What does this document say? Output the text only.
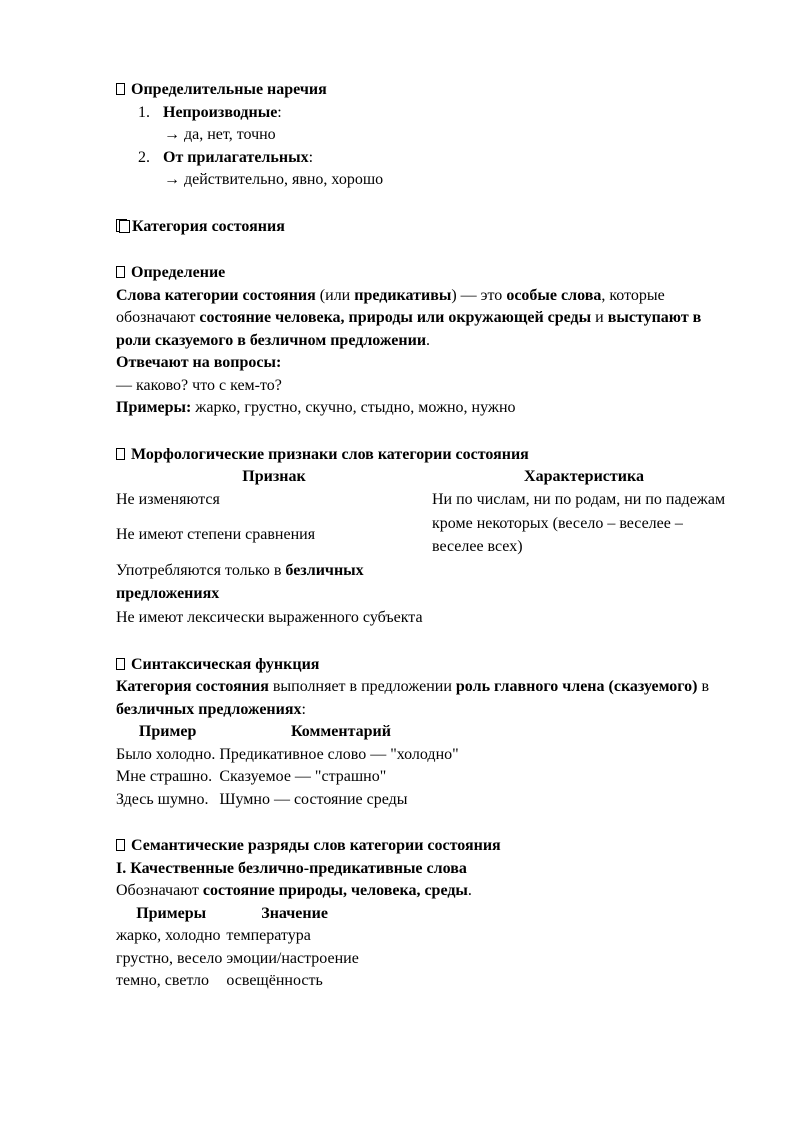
Определительные наречия

1. Непроизводные:
→ да, нет, точно
2. От прилагательных:
→ действительно, явно, хорошо

Категория состояния

Определение

Слова категории состояния (или предикативы) — это особые слова, которые обозначают состояние человека, природы или окружающей среды и выступают в роли сказуемого в безличном предложении.

Отвечают на вопросы:

— каково? что с кем-то?

Примеры: жарко, грустно, скучно, стыдно, можно, нужно

Морфологические признаки слов категории состояния

Признак	Характеристика
Не изменяются	Ни по числам, ни по родам, ни по падежам
Не имеют степени сравнения	кроме некоторых (весело – веселее – веселее всех)
Употребляются только в безличных предложениях	
Не имеют лексически выраженного субъекта	

Синтаксическая функция

Категория состояния выполняет в предложении роль главного члена (сказуемого) в безличных предложениях:

Пример	Комментарий
Было холодно.	Предикативное слово — "холодно"
Мне страшно.	Сказуемое — "страшно"
Здесь шумно.	Шумно — состояние среды

Семантические разряды слов категории состояния

I. Качественные безлично-предикативные слова

Обозначают состояние природы, человека, среды.

Примеры	Значение
жарко, холодно	температура
грустно, весело	эмоции/настроение
темно, светло	освещённость
